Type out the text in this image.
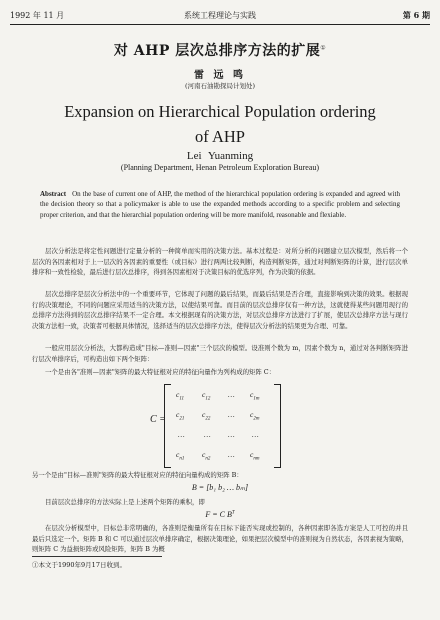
1992 年 11 月	系统工程理论与实践	第 6 期
对 AHP 层次总排序方法的扩展①
雷 远 鸣
(河南石油勘探局计划处)
Expansion on Hierarchical Population ordering
of AHP
Lei Yuanming
(Planning Department, Henan Petroleum Exploration Bureau)

Abstract On the base of current one of AHP, the method of the hierarchical population ordering is expanded and agreed with the decision theory so that a policymaker is able to use the expanded methods according to a specific problem and selecting proper criterion, and that the hierarchial population ordering will be more manifold, reasonable and flexiable.

层次分析法是将定性问题进行定量分析的一种简单而实用的决策方法。基本过程是：对所分析的问题建立层次模型，然后将一个层次的各因素相对于上一层次的各因素的重要性（或目标）进行两两比较判断，构造判断矩阵，通过对判断矩阵的计算，进行层次单排序和一致性检验，最后进行层次总排序，得到各因素相对于决策目标的优选序列，作为决策的依据。

层次总排序是层次分析法中的一个重要环节，它体现了问题的最后结果，而最后结果是否合理，直接影响到决策的效果。根据现行的决策理论，不同的问题应采用适当的决策方法，以使结果可靠。而目前的层次总排序仅有一种方法，这就使得某些问题用现行的总排序方法得到的层次总排序结果不一定合理。本文根据现有的决策方法，对层次总排序方法进行了扩展，使层次总排序方法与现行决策方法相一致，决策者可根据具体情况，选择适当的层次总排序方法，使得层次分析法的结果更为合理、可靠。

一般应用层次分析法，大都构造成"目标—准则—因素"三个层次的模型。设准则个数为 m，因素个数为 n，通过对各判断矩阵进行层次单排序后，可构造出如下两个矩阵：

一个是由各"准则—因素"矩阵的最大特征根对应的特征向量作为列构成的矩阵 C：

C =
$c_{11}$ $c_{12}$ … $c_{1m}$
$c_{21}$ $c_{22}$ … $c_{2m}$
…	… … …
$c_{n1}$ $c_{n2}$ … $c_{nm}$

另一个是由"目标—准则"矩阵的最大特征根对应的特征向量构成的矩阵 B：

B = [b₁ b₂ … bₘ]

目前层次总排序的方法实际上是上述两个矩阵的乘积，即

F = C $B^T$

在层次分析模型中，目标总非常明确的，各准则是衡量所有在目标下能否实现或控制的，各种因素即各选方案是人工可控的并且最后只选定一个。矩阵 B 和 C 可以通过层次单排序确定，根据决策理论，如果把层次模型中的准则视为自然状态，各因素视为策略，则矩阵 C 为益损矩阵或风险矩阵，矩阵 B 为概

①本文于1990年9月17日收到。
